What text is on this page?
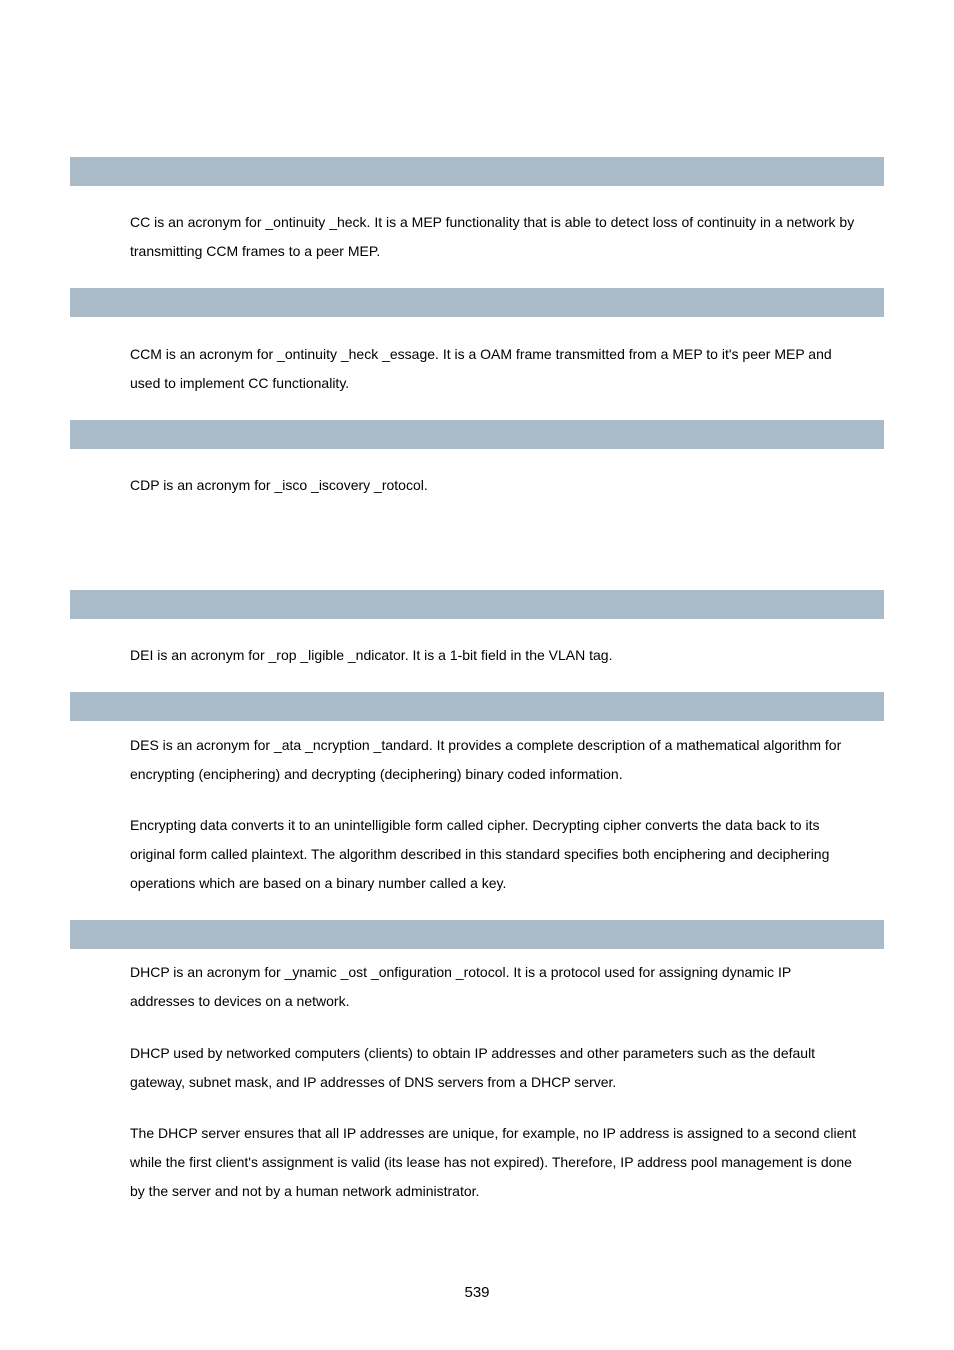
CC is an acronym for _ontinuity _heck. It is a MEP functionality that is able to detect loss of continuity in a network by
transmitting CCM frames to a peer MEP.

CCM is an acronym for _ontinuity _heck _essage. It is a OAM frame transmitted from a MEP to it's peer MEP and
used to implement CC functionality.

CDP is an acronym for _isco _iscovery _rotocol.

DEI is an acronym for _rop _ligible _ndicator. It is a 1-bit field in the VLAN tag.

DES is an acronym for _ata _ncryption _tandard. It provides a complete description of a mathematical algorithm for
encrypting (enciphering) and decrypting (deciphering) binary coded information.

Encrypting data converts it to an unintelligible form called cipher. Decrypting cipher converts the data back to its
original form called plaintext. The algorithm described in this standard specifies both enciphering and deciphering
operations which are based on a binary number called a key.

DHCP is an acronym for _ynamic _ost _onfiguration _rotocol. It is a protocol used for assigning dynamic IP
addresses to devices on a network.

DHCP used by networked computers (clients) to obtain IP addresses and other parameters such as the default
gateway, subnet mask, and IP addresses of DNS servers from a DHCP server.

The DHCP server ensures that all IP addresses are unique, for example, no IP address is assigned to a second client
while the first client's assignment is valid (its lease has not expired). Therefore, IP address pool management is done
by the server and not by a human network administrator.

539
